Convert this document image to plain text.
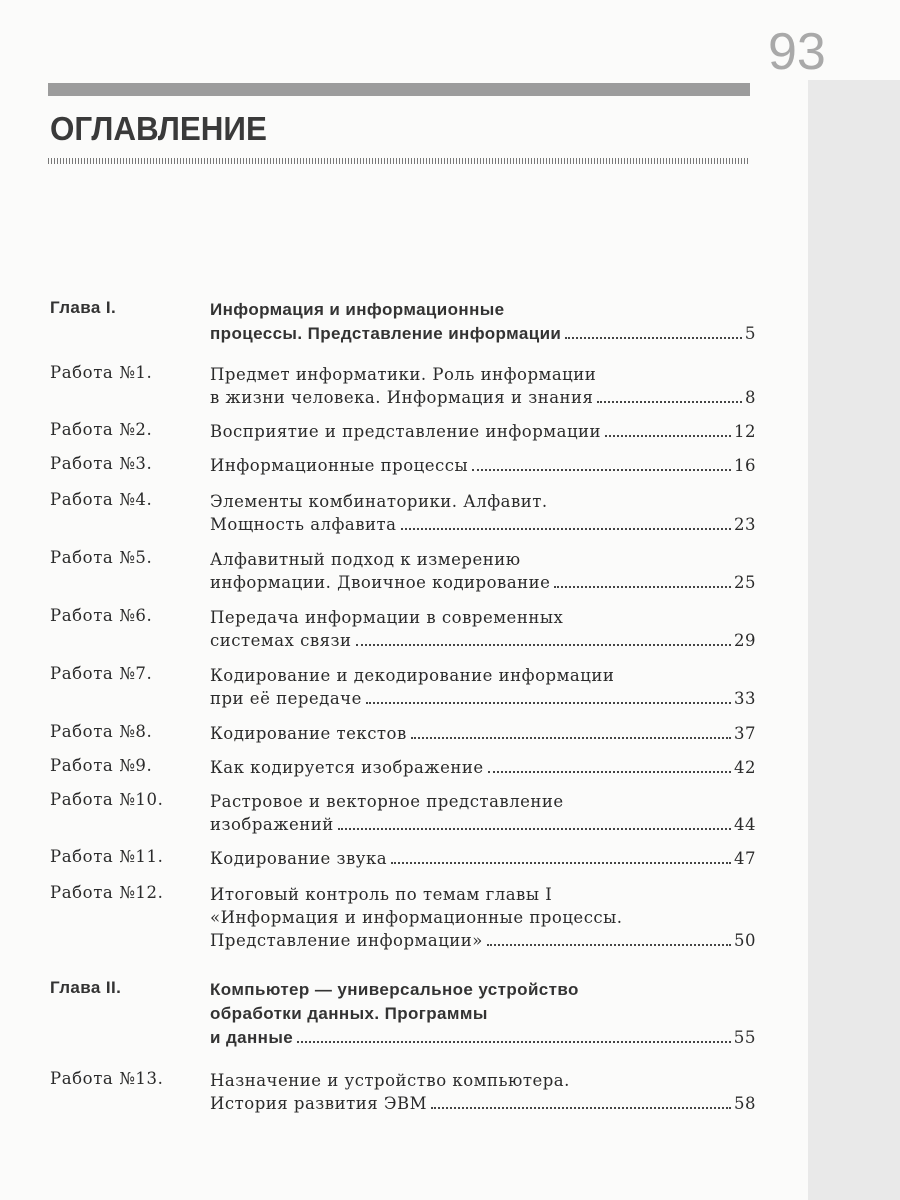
93
ОГЛАВЛЕНИЕ
Глава I.	Информация и информационные
процессы. Представление информации	5
Работа №1.	Предмет информатики. Роль информации
в жизни человека. Информация и знания	8
Работа №2.	Восприятие и представление информации	12
Работа №3.	Информационные процессы	16
Работа №4.	Элементы комбинаторики. Алфавит.
Мощность алфавита	23
Работа №5.	Алфавитный подход к измерению
информации. Двоичное кодирование	25
Работа №6.	Передача информации в современных
системах связи	29
Работа №7.	Кодирование и декодирование информации
при её передаче	33
Работа №8.	Кодирование текстов	37
Работа №9.	Как кодируется изображение	42
Работа №10.	Растровое и векторное представление
изображений	44
Работа №11.	Кодирование звука	47
Работа №12.	Итоговый контроль по темам главы I
«Информация и информационные процессы.
Представление информации»	50
Глава II.	Компьютер — универсальное устройство
обработки данных. Программы
и данные	55
Работа №13.	Назначение и устройство компьютера.
История развития ЭВМ	58
